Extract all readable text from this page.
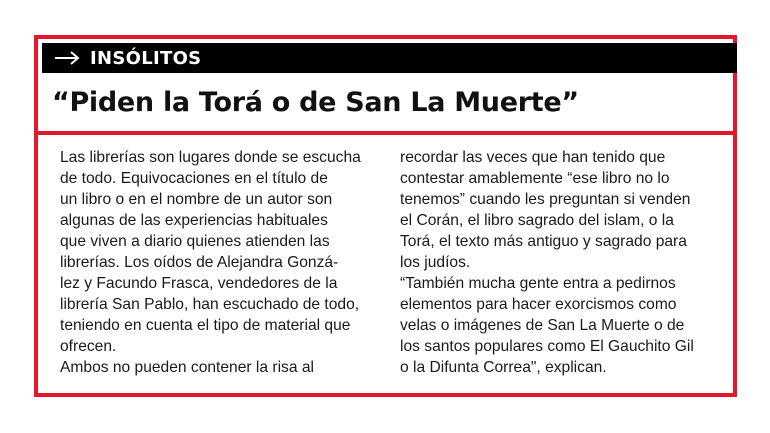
INSÓLITOS
“Piden la Torá o de San La Muerte”
Las librerías son lugares donde se escucha
de todo. Equivocaciones en el título de
un libro o en el nombre de un autor son
algunas de las experiencias habituales
que viven a diario quienes atienden las
librerías. Los oídos de Alejandra Gonzá-
lez y Facundo Frasca, vendedores de la
librería San Pablo, han escuchado de todo,
teniendo en cuenta el tipo de material que
ofrecen.
Ambos no pueden contener la risa al
recordar las veces que han tenido que
contestar amablemente “ese libro no lo
tenemos” cuando les preguntan si venden
el Corán, el libro sagrado del islam, o la
Torá, el texto más antiguo y sagrado para
los judíos.
“También mucha gente entra a pedirnos
elementos para hacer exorcismos como
velas o imágenes de San La Muerte o de
los santos populares como El Gauchito Gil
o la Difunta Correa", explican.
